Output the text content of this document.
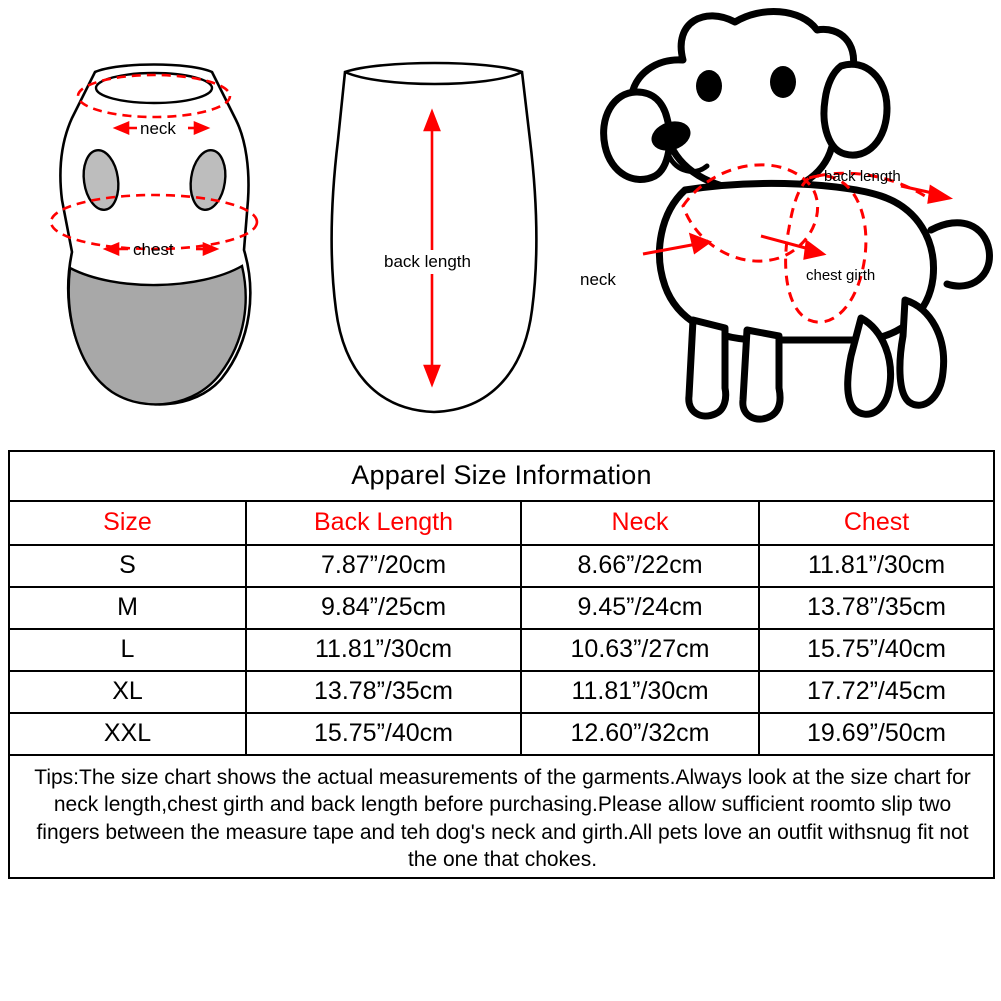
neck
chest
back length
back length
neck	chest girth
Apparel Size Information			
Size	Back Length	Neck	Chest
S	7.87”/20cm	8.66”/22cm	11.81”/30cm
M	9.84”/25cm	9.45”/24cm	13.78”/35cm
L	11.81”/30cm	10.63”/27cm	15.75”/40cm
XL	13.78”/35cm	11.81”/30cm	17.72”/45cm
XXL	15.75”/40cm	12.60”/32cm	19.69”/50cm
Tips:The size chart shows the actual measurements of the garments.Always look at the size chart for neck length,chest girth and back length before purchasing.Please allow sufficient roomto slip two fingers between the measure tape and teh dog's neck and girth.All pets love an outfit withsnug fit not the one that chokes.			
